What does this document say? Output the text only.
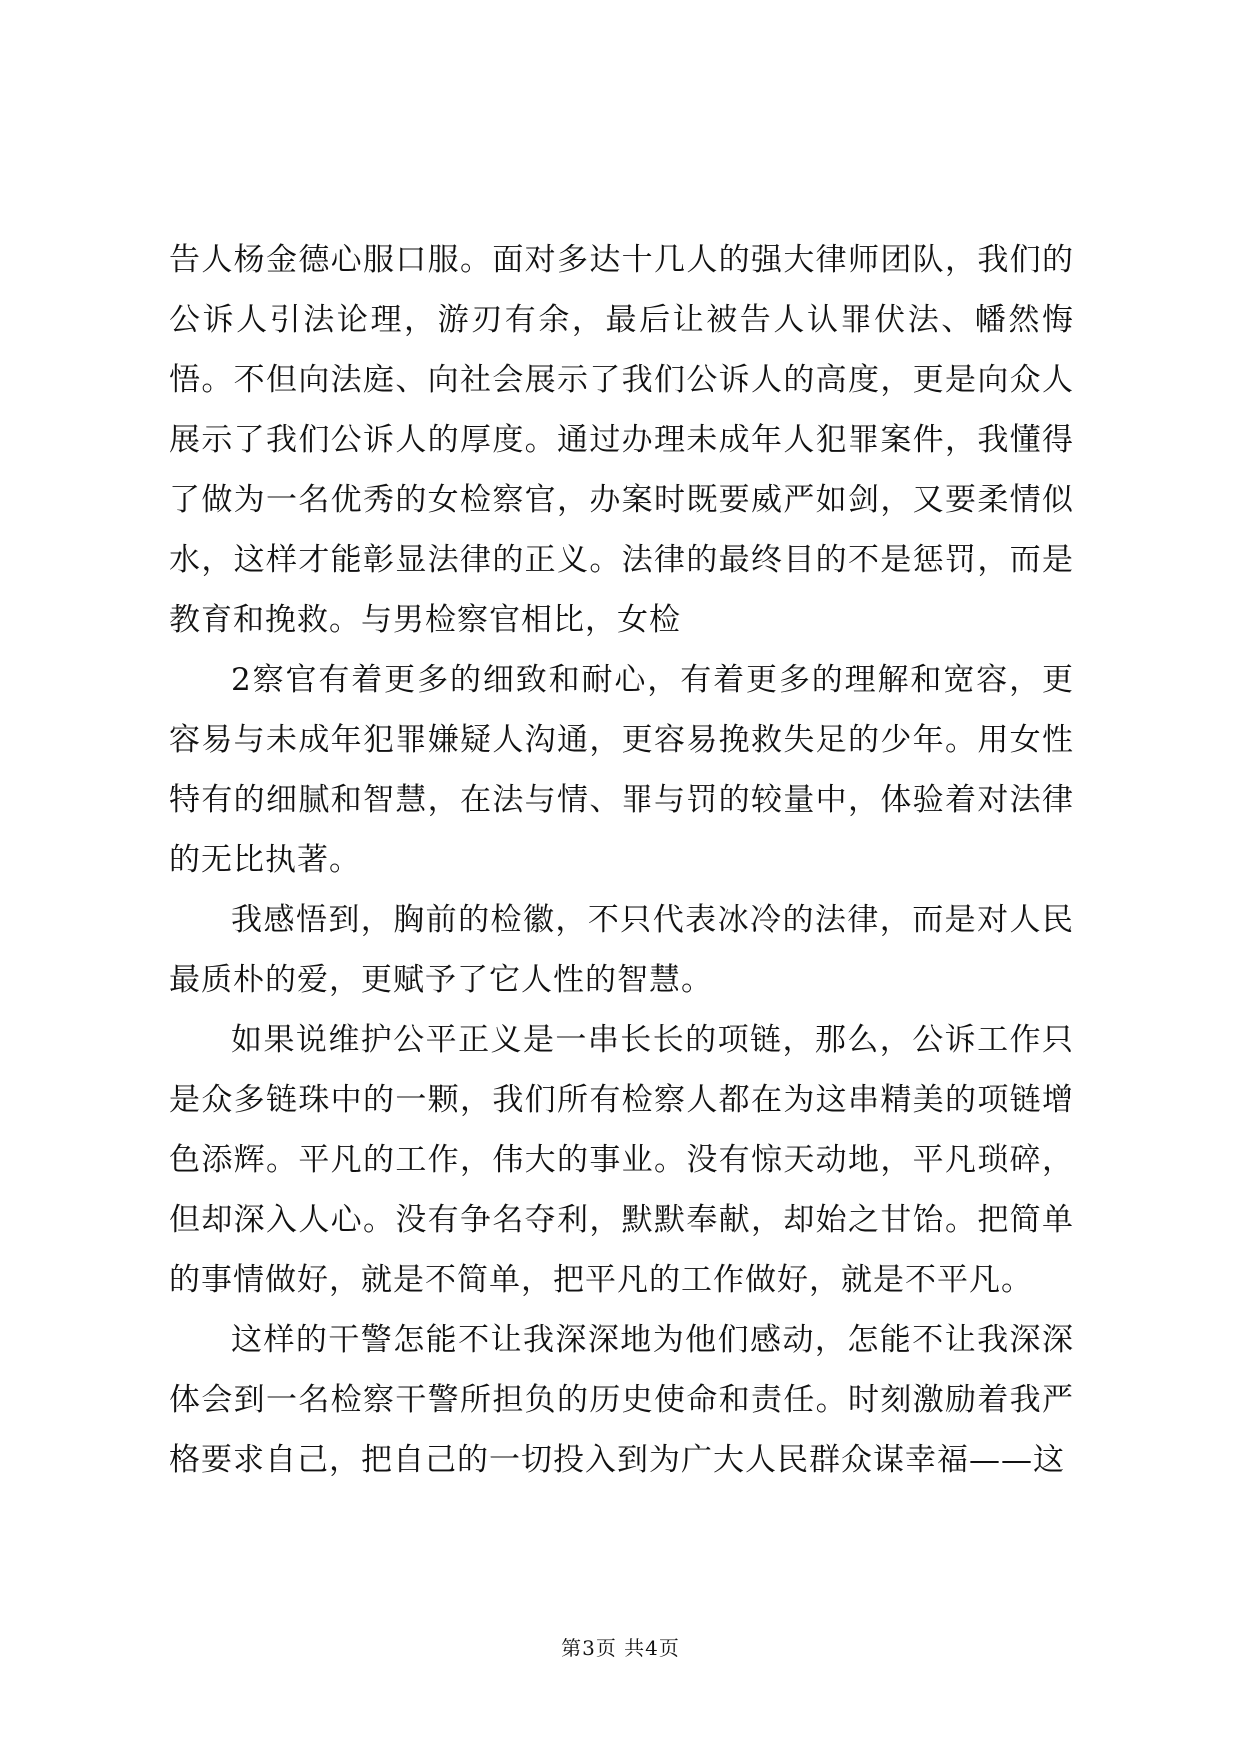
告人杨金德心服口服。面对多达十几人的强大律师团队，我们的公诉人引法论理，游刃有余，最后让被告人认罪伏法、幡然悔悟。不但向法庭、向社会展示了我们公诉人的高度，更是向众人展示了我们公诉人的厚度。通过办理未成年人犯罪案件，我懂得了做为一名优秀的女检察官，办案时既要威严如剑，又要柔情似水，这样才能彰显法律的正义。法律的最终目的不是惩罚，而是教育和挽救。与男检察官相比，女检

2察官有着更多的细致和耐心，有着更多的理解和宽容，更容易与未成年犯罪嫌疑人沟通，更容易挽救失足的少年。用女性特有的细腻和智慧，在法与情、罪与罚的较量中，体验着对法律的无比执著。

我感悟到，胸前的检徽，不只代表冰冷的法律，而是对人民最质朴的爱，更赋予了它人性的智慧。

如果说维护公平正义是一串长长的项链，那么，公诉工作只是众多链珠中的一颗，我们所有检察人都在为这串精美的项链增色添辉。平凡的工作，伟大的事业。没有惊天动地，平凡琐碎，但却深入人心。没有争名夺利，默默奉献，却始之甘饴。把简单的事情做好，就是不简单，把平凡的工作做好，就是不平凡。

这样的干警怎能不让我深深地为他们感动，怎能不让我深深体会到一名检察干警所担负的历史使命和责任。时刻激励着我严格要求自己，把自己的一切投入到为广大人民群众谋幸福——这

第3页 共4页
